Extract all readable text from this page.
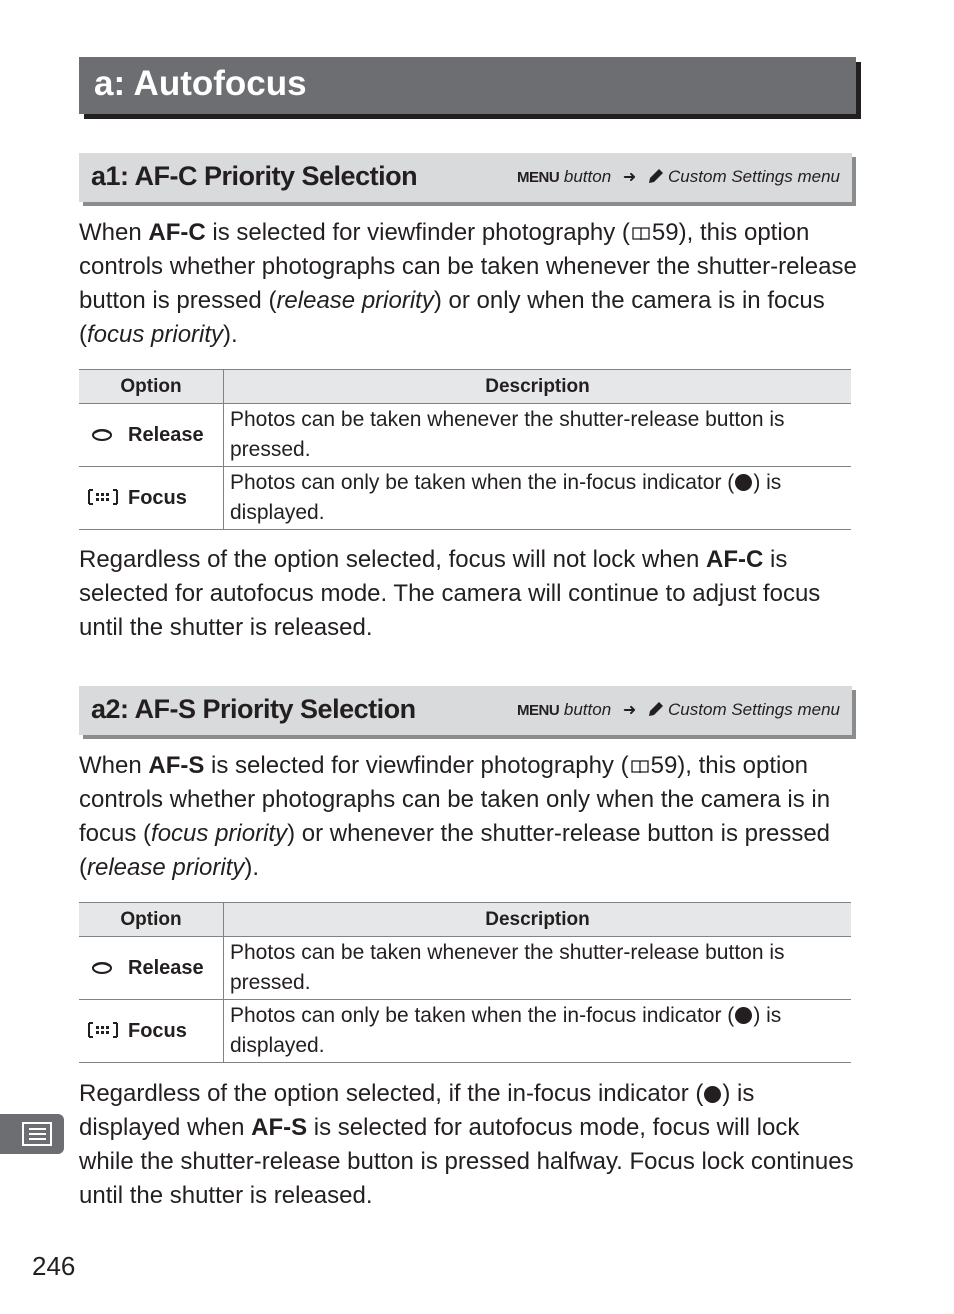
a: Autofocus
a1: AF-C Priority Selection	MENU button ➜ Custom Settings menu

When AF-C is selected for viewfinder photography ( 59), this option controls whether photographs can be taken whenever the shutter-release button is pressed (release priority) or only when the camera is in focus (focus priority).

Option	Description
Release	Photos can be taken whenever the shutter-release button is pressed.
Focus	Photos can only be taken when the in-focus indicator ( ) is displayed.

Regardless of the option selected, focus will not lock when AF-C is selected for autofocus mode. The camera will continue to adjust focus until the shutter is released.

a2: AF-S Priority Selection	MENU button ➜ Custom Settings menu

When AF-S is selected for viewfinder photography ( 59), this option controls whether photographs can be taken only when the camera is in focus (focus priority) or whenever the shutter-release button is pressed (release priority).

Option	Description
Release	Photos can be taken whenever the shutter-release button is pressed.
Focus	Photos can only be taken when the in-focus indicator ( ) is displayed.

Regardless of the option selected, if the in-focus indicator ( ) is displayed when AF-S is selected for autofocus mode, focus will lock while the shutter-release button is pressed halfway. Focus lock continues until the shutter is released.

246
